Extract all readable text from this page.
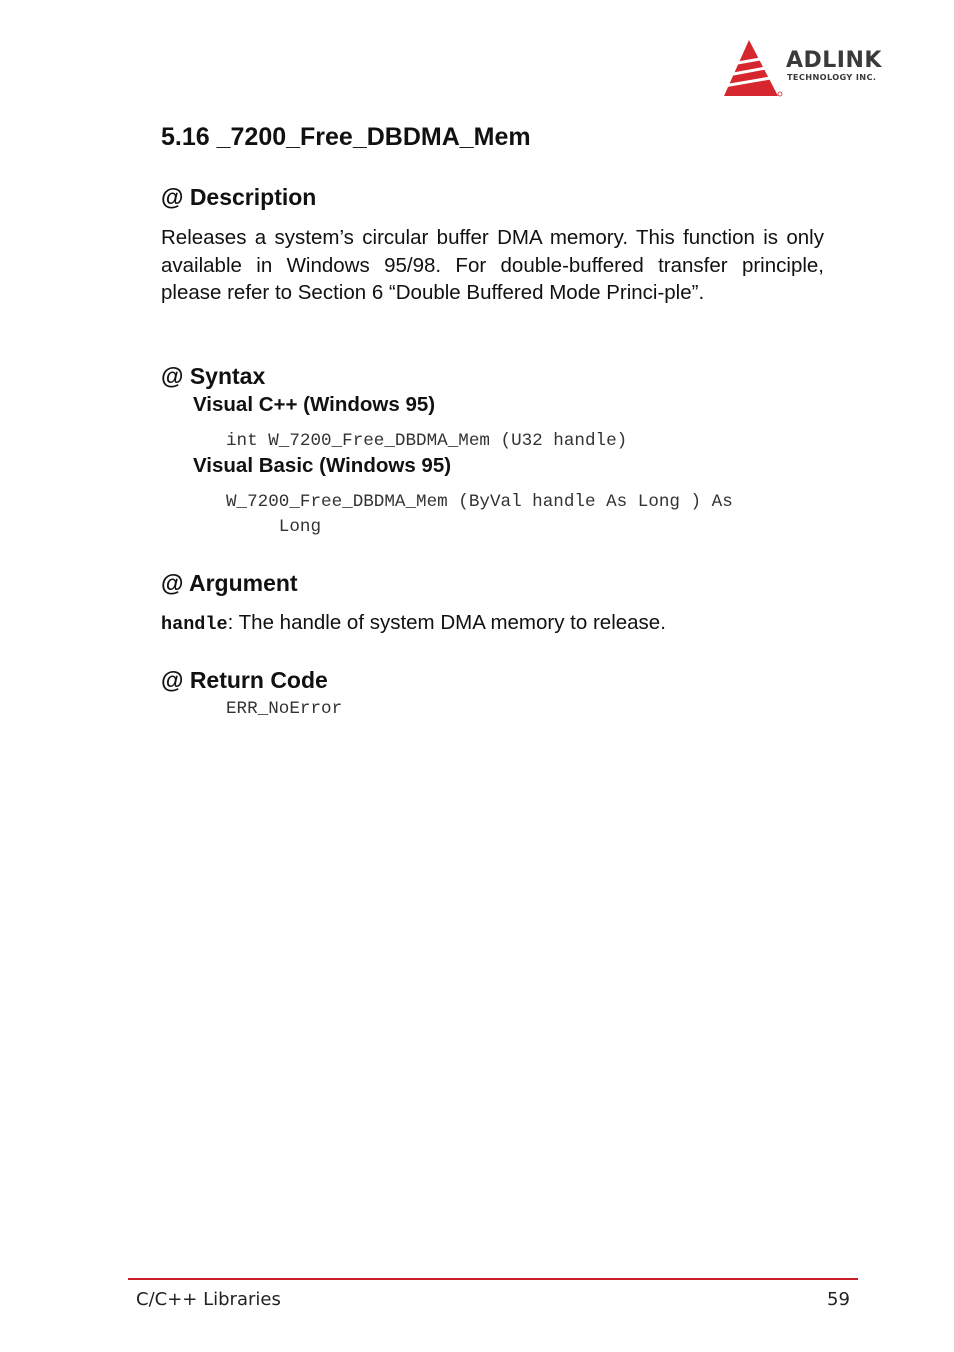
ADLINK
TECHNOLOGY INC.
5.16 _7200_Free_DBDMA_Mem
@ Description

Releases a system’s circular buffer DMA memory. This function is only available in Windows 95/98. For double-buffered transfer principle, please refer to Section 6 “Double Buffered Mode Princi-ple”.

@ Syntax
Visual C++ (Windows 95)
int W_7200_Free_DBDMA_Mem (U32 handle)
Visual Basic (Windows 95)
W_7200_Free_DBDMA_Mem (ByVal handle As Long ) As
Long
@ Argument

handle: The handle of system DMA memory to release.

@ Return Code
ERR_NoError
C/C++ Libraries	59
